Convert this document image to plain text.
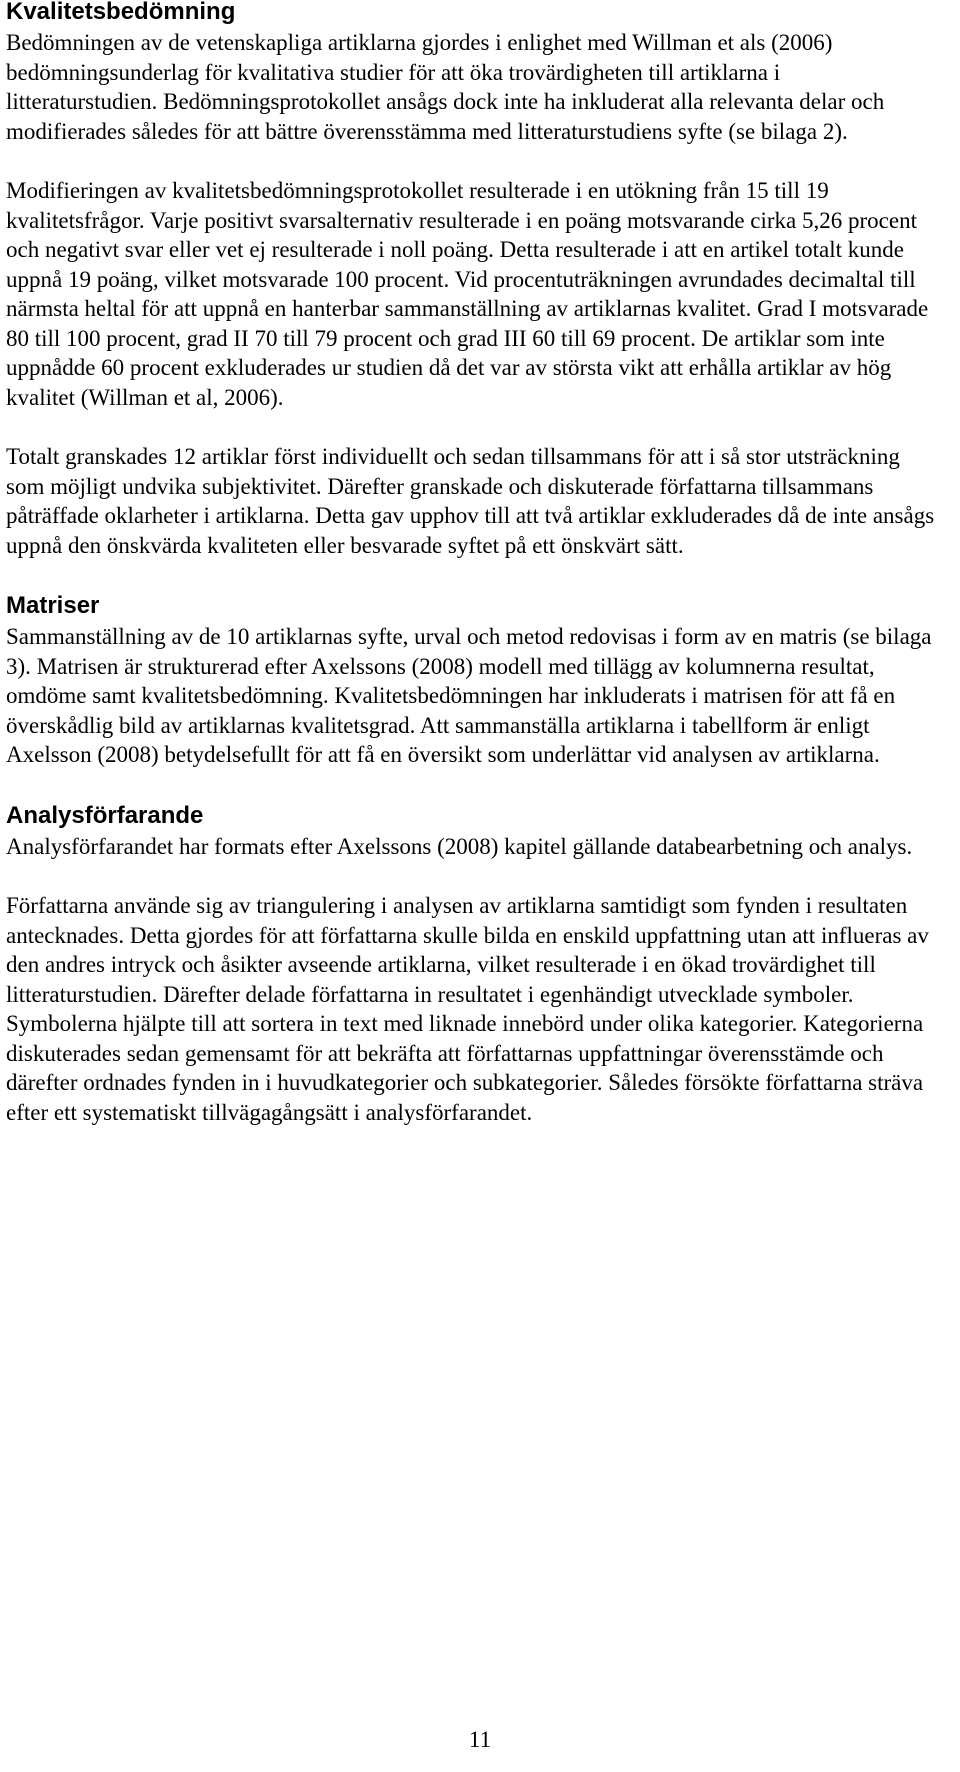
Kvalitetsbedömning

Bedömningen av de vetenskapliga artiklarna gjordes i enlighet med Willman et als (2006) bedömningsunderlag för kvalitativa studier för att öka trovärdigheten till artiklarna i litteraturstudien. Bedömningsprotokollet ansågs dock inte ha inkluderat alla relevanta delar och modifierades således för att bättre överensstämma med litteraturstudiens syfte (se bilaga 2).

Modifieringen av kvalitetsbedömningsprotokollet resulterade i en utökning från 15 till 19 kvalitetsfrågor. Varje positivt svarsalternativ resulterade i en poäng motsvarande cirka 5,26 procent och negativt svar eller vet ej resulterade i noll poäng. Detta resulterade i att en artikel totalt kunde uppnå 19 poäng, vilket motsvarade 100 procent. Vid procentuträkningen avrundades decimaltal till närmsta heltal för att uppnå en hanterbar sammanställning av artiklarnas kvalitet. Grad I motsvarade 80 till 100 procent, grad II 70 till 79 procent och grad III 60 till 69 procent. De artiklar som inte uppnådde 60 procent exkluderades ur studien då det var av största vikt att erhålla artiklar av hög kvalitet (Willman et al, 2006).

Totalt granskades 12 artiklar först individuellt och sedan tillsammans för att i så stor utsträckning som möjligt undvika subjektivitet. Därefter granskade och diskuterade författarna tillsammans påträffade oklarheter i artiklarna. Detta gav upphov till att två artiklar exkluderades då de inte ansågs uppnå den önskvärda kvaliteten eller besvarade syftet på ett önskvärt sätt.

Matriser

Sammanställning av de 10 artiklarnas syfte, urval och metod redovisas i form av en matris (se bilaga 3). Matrisen är strukturerad efter Axelssons (2008) modell med tillägg av kolumnerna resultat, omdöme samt kvalitetsbedömning. Kvalitetsbedömningen har inkluderats i matrisen för att få en överskådlig bild av artiklarnas kvalitetsgrad. Att sammanställa artiklarna i tabellform är enligt Axelsson (2008) betydelsefullt för att få en översikt som underlättar vid analysen av artiklarna.

Analysförfarande

Analysförfarandet har formats efter Axelssons (2008) kapitel gällande databearbetning och analys.

Författarna använde sig av triangulering i analysen av artiklarna samtidigt som fynden i resultaten antecknades. Detta gjordes för att författarna skulle bilda en enskild uppfattning utan att influeras av den andres intryck och åsikter avseende artiklarna, vilket resulterade i en ökad trovärdighet till litteraturstudien. Därefter delade författarna in resultatet i egenhändigt utvecklade symboler. Symbolerna hjälpte till att sortera in text med liknade innebörd under olika kategorier. Kategorierna diskuterades sedan gemensamt för att bekräfta att författarnas uppfattningar överensstämde och därefter ordnades fynden in i huvudkategorier och subkategorier. Således försökte författarna sträva efter ett systematiskt tillvägagångsätt i analysförfarandet.

11
